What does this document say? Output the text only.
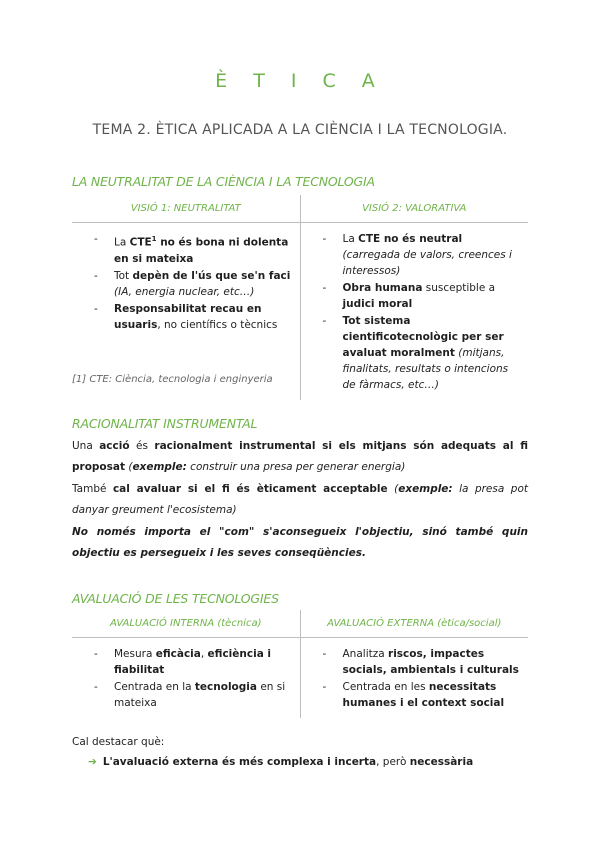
È T I C A
TEMA 2. ÈTICA APLICADA A LA CIÈNCIA I LA TECNOLOGIA.
LA NEUTRALITAT DE LA CIÈNCIA I LA TECNOLOGIA
VISIÓ 1: NEUTRALITAT	VISIÓ 2: VALORATIVA
- La CTE$^1$ no és bona ni dolenta en si mateixa
- Tot depèn de l'ús que se'n faci (IA, energia nuclear, etc…)
- Responsabilitat recau en usuaris, no científics o tècnics
- La CTE no és neutral (carregada de valors, creences i interessos)
- Obra humana susceptible a judici moral
- Tot sistema cientificotecnològic per ser avaluat moralment (mitjans, finalitats, resultats o intencions de fàrmacs, etc…)
[1] CTE: Ciència, tecnologia i enginyeria
RACIONALITAT INSTRUMENTAL
Una acció és racionalment instrumental si els mitjans són adequats al fi proposat (exemple: construir una presa per generar energia)
També cal avaluar si el fi és èticament acceptable (exemple: la presa pot danyar greument l'ecosistema)
No només importa el "com" s'aconsegueix l'objectiu, sinó també quin objectiu es persegueix i les seves conseqüències.
AVALUACIÓ DE LES TECNOLOGIES
AVALUACIÓ INTERNA (tècnica)	AVALUACIÓ EXTERNA (ètica/social)
- Mesura eficàcia, eficiència i fiabilitat
- Centrada en la tecnologia en si mateixa
- Analitza riscos, impactes socials, ambientals i culturals
- Centrada en les necessitats humanes i el context social
Cal destacar què:
➔ L'avaluació externa és més complexa i incerta, però necessària
